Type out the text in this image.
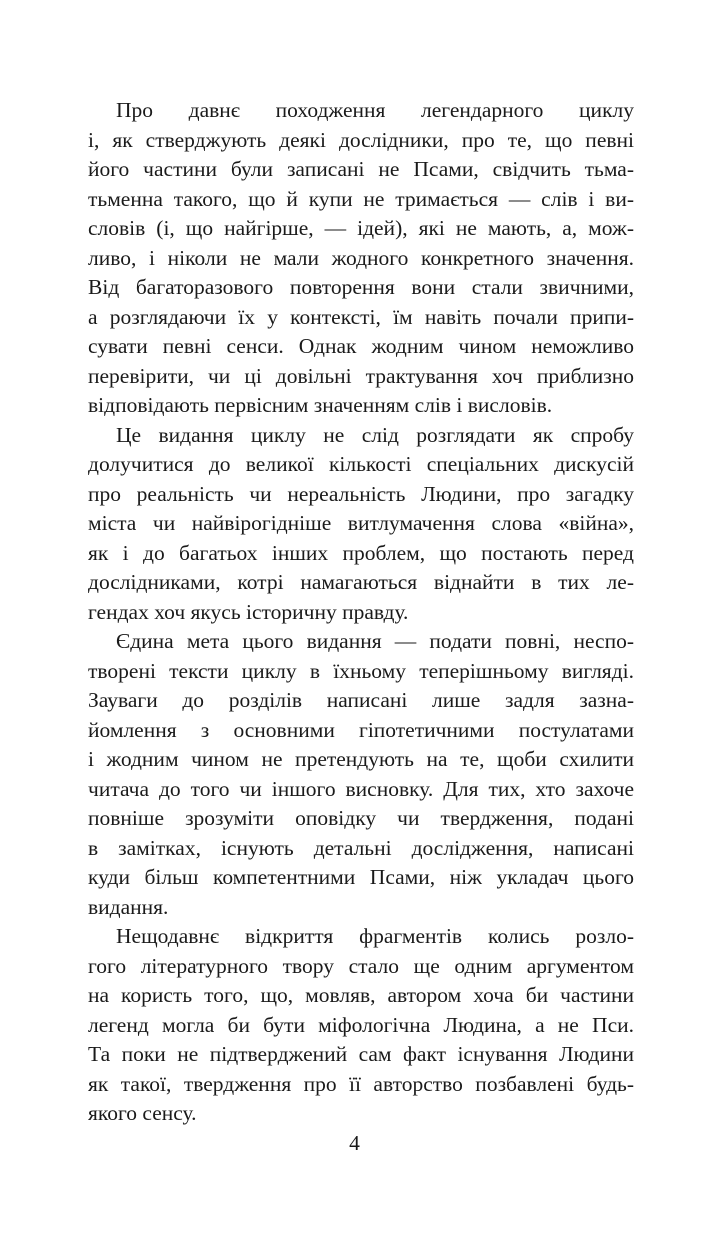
Про давнє походження легендарного циклу
і, як стверджують деякі дослідники, про те, що певні
його частини були записані не Псами, свідчить тьма-
тьменна такого, що й купи не тримається — слів і ви-
словів (і, що найгірше, — ідей), які не мають, а, мож-
ливо, і ніколи не мали жодного конкретного значення.
Від багаторазового повторення вони стали звичними,
а розглядаючи їх у контексті, їм навіть почали припи-
сувати певні сенси. Однак жодним чином неможливо
перевірити, чи ці довільні трактування хоч приблизно
відповідають первісним значенням слів і висловів.
Це видання циклу не слід розглядати як спробу
долучитися до великої кількості спеціальних дискусій
про реальність чи нереальність Людини, про загадку
міста чи найвірогідніше витлумачення слова «війна»,
як і до багатьох інших проблем, що постають перед
дослідниками, котрі намагаються віднайти в тих ле-
гендах хоч якусь історичну правду.
Єдина мета цього видання — подати повні, неспо-
творені тексти циклу в їхньому теперішньому вигляді.
Зауваги до розділів написані лише задля зазна-
йомлення з основними гіпотетичними постулатами
і жодним чином не претендують на те, щоби схилити
читача до того чи іншого висновку. Для тих, хто захоче
повніше зрозуміти оповідку чи твердження, подані
в замітках, існують детальні дослідження, написані
куди більш компетентними Псами, ніж укладач цього
видання.
Нещодавнє відкриття фрагментів колись розло-
гого літературного твору стало ще одним аргументом
на користь того, що, мовляв, автором хоча би частини
легенд могла би бути міфологічна Людина, а не Пси.
Та поки не підтверджений сам факт існування Людини
як такої, твердження про її авторство позбавлені будь-
якого сенсу.
4
